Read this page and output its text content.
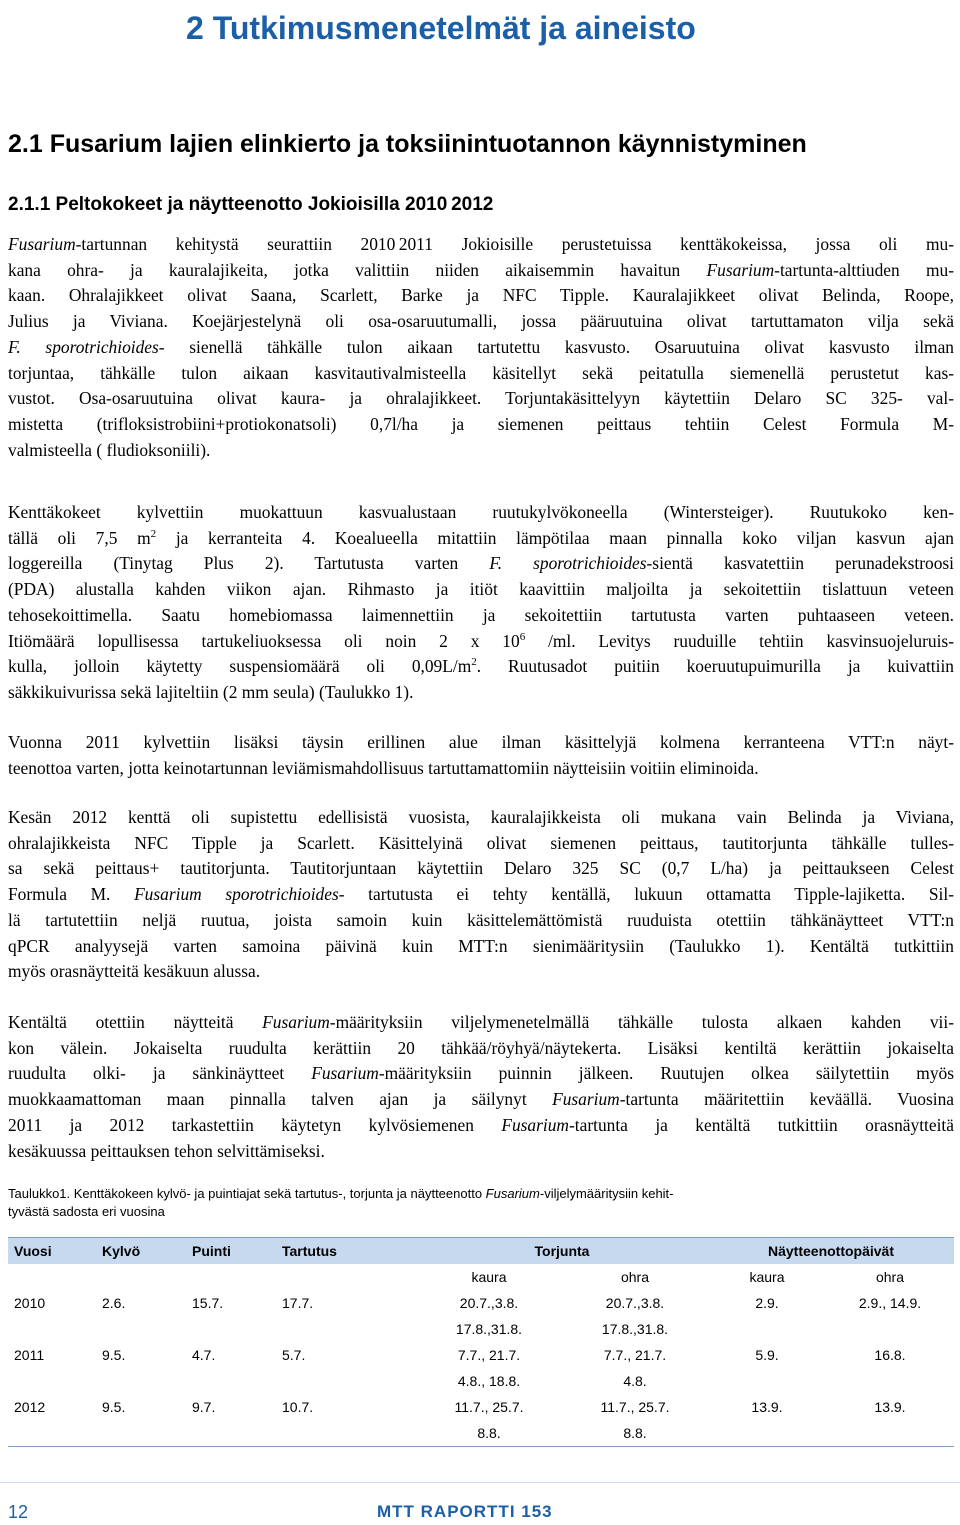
2 Tutkimusmenetelmät ja aineisto
2.1 Fusarium lajien elinkierto ja toksiinintuotannon käynnistyminen
2.1.1 Peltokokeet ja näytteenotto Jokioisilla 2010 2012
Fusarium-tartunnan kehitystä seurattiin 2010 2011 Jokioisille perustetuissa kenttäkokeissa, jossa oli mu-
kana ohra- ja kauralajikeita, jotka valittiin niiden aikaisemmin havaitun Fusarium-tartunta-alttiuden mu-
kaan. Ohralajikkeet olivat Saana, Scarlett, Barke ja NFC Tipple. Kauralajikkeet olivat Belinda, Roope,
Julius ja Viviana. Koejärjestelynä oli osa-osaruutumalli, jossa pääruutuina olivat tartuttamaton vilja sekä
F. sporotrichioides- sienellä tähkälle tulon aikaan tartutettu kasvusto. Osaruutuina olivat kasvusto ilman
torjuntaa, tähkälle tulon aikaan kasvitautivalmisteella käsitellyt sekä peitatulla siemenellä perustetut kas-
vustot. Osa-osaruutuina olivat kaura- ja ohralajikkeet. Torjuntakäsittelyyn käytettiin Delaro SC 325- val-
mistetta (trifloksistrobiini+protiokonatsoli) 0,7l/ha ja siemenen peittaus tehtiin Celest Formula M-
valmisteella ( fludioksoniili).
Kenttäkokeet kylvettiin muokattuun kasvualustaan ruutukylvökoneella (Wintersteiger). Ruutukoko ken-
tällä oli 7,5 $m^2$ ja kerranteita 4. Koealueella mitattiin lämpötilaa maan pinnalla koko viljan kasvun ajan
loggereilla (Tinytag Plus 2). Tartutusta varten F. sporotrichioides-sientä kasvatettiin perunadekstroosi
(PDA) alustalla kahden viikon ajan. Rihmasto ja itiöt kaavittiin maljoilta ja sekoitettiin tislattuun veteen
tehosekoittimella. Saatu homebiomassa laimennettiin ja sekoitettiin tartutusta varten puhtaaseen veteen.
Itiömäärä lopullisessa tartukeliuoksessa oli noin 2 x $10^6$ /ml. Levitys ruuduille tehtiin kasvinsuojeluruis-
kulla, jolloin käytetty suspensiomäärä oli $0,09L/m^2$. Ruutusadot puitiin koeruutupuimurilla ja kuivattiin
säkkikuivurissa sekä lajiteltiin (2 mm seula) (Taulukko 1).
Vuonna 2011 kylvettiin lisäksi täysin erillinen alue ilman käsittelyjä kolmena kerranteena VTT:n näyt-
teenottoa varten, jotta keinotartunnan leviämismahdollisuus tartuttamattomiin näytteisiin voitiin eliminoida.
Kesän 2012 kenttä oli supistettu edellisistä vuosista, kauralajikkeista oli mukana vain Belinda ja Viviana,
ohralajikkeista NFC Tipple ja Scarlett. Käsittelyinä olivat siemenen peittaus, tautitorjunta tähkälle tulles-
sa sekä peittaus+ tautitorjunta. Tautitorjuntaan käytettiin Delaro 325 SC (0,7 L/ha) ja peittaukseen Celest
Formula M. Fusarium sporotrichioides- tartutusta ei tehty kentällä, lukuun ottamatta Tipple-lajiketta. Sil-
lä tartutettiin neljä ruutua, joista samoin kuin käsittelemättömistä ruuduista otettiin tähkänäytteet VTT:n
qPCR analyysejä varten samoina päivinä kuin MTT:n sienimääritysiin (Taulukko 1). Kentältä tutkittiin
myös orasnäytteitä kesäkuun alussa.
Kentältä otettiin näytteitä Fusarium-määrityksiin viljelymenetelmällä tähkälle tulosta alkaen kahden vii-
kon välein. Jokaiselta ruudulta kerättiin 20 tähkää/röyhyä/näytekerta. Lisäksi kentiltä kerättiin jokaiselta
ruudulta olki- ja sänkinäytteet Fusarium-määrityksiin puinnin jälkeen. Ruutujen olkea säilytettiin myös
muokkaamattoman maan pinnalla talven ajan ja säilynyt Fusarium-tartunta määritettiin keväällä. Vuosina
2011 ja 2012 tarkastettiin käytetyn kylvösiemenen Fusarium-tartunta ja kentältä tutkittiin orasnäytteitä
kesäkuussa peittauksen tehon selvittämiseksi.

Taulukko1. Kenttäkokeen kylvö- ja puintiajat sekä tartutus-, torjunta ja näytteenotto Fusarium-viljelymääritysiin kehit-
tyvästä sadosta eri vuosina

Vuosi	Kylvö	Puinti	Tartutus	Torjunta		Näytteenottopäivät	
				kaura	ohra	kaura	ohra
2010	2.6.	15.7.	17.7.	20.7.,3.8.	20.7.,3.8.	2.9.	2.9., 14.9.
				17.8.,31.8.	17.8.,31.8.		
2011	9.5.	4.7.	5.7.	7.7., 21.7.	7.7., 21.7.	5.9.	16.8.
				4.8., 18.8.	4.8.		
2012	9.5.	9.7.	10.7.	11.7., 25.7.	11.7., 25.7.	13.9.	13.9.
				8.8.	8.8.		
12	MTT RAPORTTI 153
